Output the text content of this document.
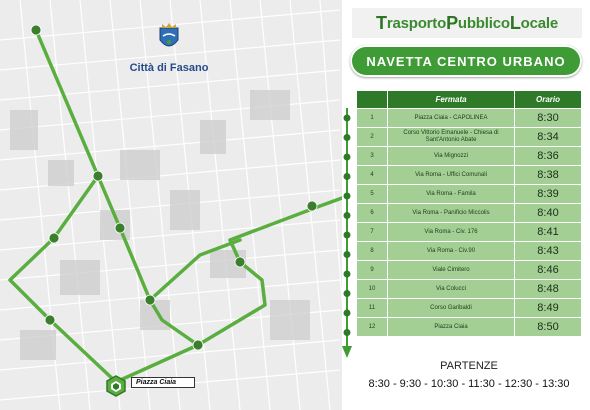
Città di Fasano
Piazza Ciaia
T rasporto P ubblico L ocale
NAVETTA CENTRO URBANO
	Fermata	Orario
1	Piazza Ciaia - CAPOLINEA	8:30
2	Corso Vittorio Emanuele - Chiesa di Sant'Antonio Abate	8:34
3	Via Mignozzi	8:36
4	Via Roma - Uffici Comunali	8:38
5	Via Roma - Famila	8:39
6	Via Roma - Panificio Miccolis	8:40
7	Via Roma - Civ. 176	8:41
8	Via Roma - Civ.90	8:43
9	Viale Cimitero	8:46
10	Via Colucci	8:48
11	Corso Garibaldi	8:49
12	Piazza Ciaia	8:50
PARTENZE
8:30 - 9:30 - 10:30 - 11:30 - 12:30 - 13:30
